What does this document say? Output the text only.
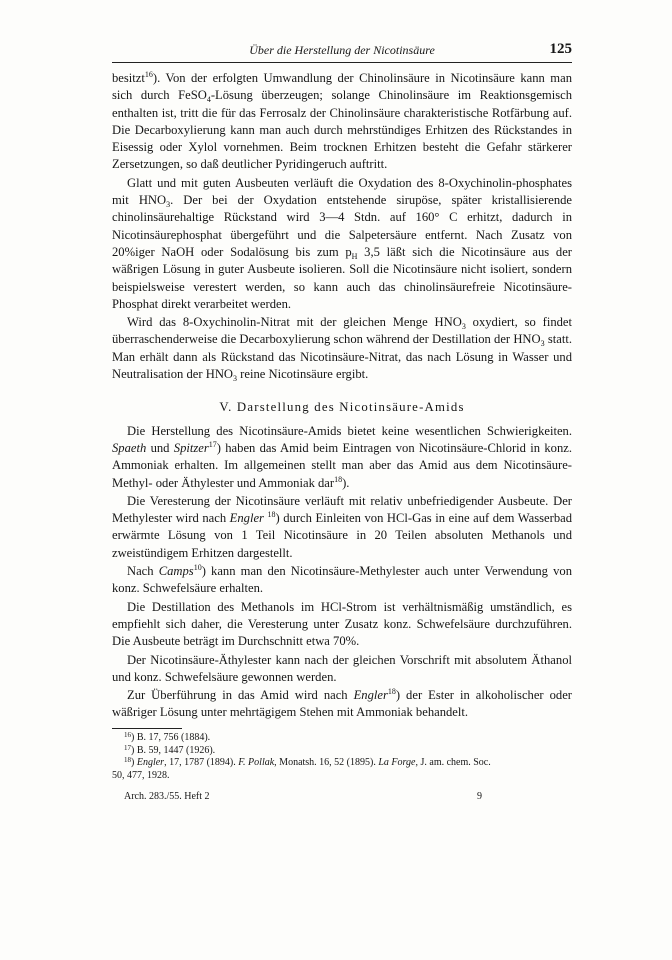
Über die Herstellung der Nicotinsäure	125

besitzt$^{16}$). Von der erfolgten Umwandlung der Chinolinsäure in Nicotinsäure kann man sich durch FeSO$_4$-Lösung überzeugen; solange Chinolinsäure im Reaktionsgemisch enthalten ist, tritt die für das Ferrosalz der Chinolinsäure charakteristische Rotfärbung auf. Die Decarboxylierung kann man auch durch mehrstündiges Erhitzen des Rückstandes in Eisessig oder Xylol vornehmen. Beim trocknen Erhitzen besteht die Gefahr stärkerer Zersetzungen, so daß deutlicher Pyridingeruch auftritt.

Glatt und mit guten Ausbeuten verläuft die Oxydation des 8-Oxychinolin-phosphates mit $HNO_3$. Der bei der Oxydation entstehende sirupöse, später kristallisierende chinolinsäurehaltige Rückstand wird 3—4 Stdn. auf 160° C erhitzt, dadurch in Nicotinsäurephosphat übergeführt und die Salpetersäure entfernt. Nach Zusatz von 20%iger NaOH oder Sodalösung bis zum $p_H$ 3,5 läßt sich die Nicotinsäure aus der wäßrigen Lösung in guter Ausbeute isolieren. Soll die Nicotinsäure nicht isoliert, sondern beispielsweise verestert werden, so kann auch das chinolinsäurefreie Nicotinsäure-Phosphat direkt verarbeitet werden.

Wird das 8-Oxychinolin-Nitrat mit der gleichen Menge $HNO_3$ oxydiert, so findet überraschenderweise die Decarboxylierung schon während der Destillation der $HNO_3$ statt. Man erhält dann als Rückstand das Nicotinsäure-Nitrat, das nach Lösung in Wasser und Neutralisation der $HNO_3$ reine Nicotinsäure ergibt.

V. Darstellung des Nicotinsäure-Amids

Die Herstellung des Nicotinsäure-Amids bietet keine wesentlichen Schwierigkeiten. Spaeth und Spitzer$^{17}$) haben das Amid beim Eintragen von Nicotinsäure-Chlorid in konz. Ammoniak erhalten. Im allgemeinen stellt man aber das Amid aus dem Nicotinsäure-Methyl- oder Äthylester und Ammoniak dar$^{18}$).

Die Veresterung der Nicotinsäure verläuft mit relativ unbefriedigender Ausbeute. Der Methylester wird nach Engler $^{18}$) durch Einleiten von HCl-Gas in eine auf dem Wasserbad erwärmte Lösung von 1 Teil Nicotinsäure in 20 Teilen absoluten Methanols und zweistündigem Erhitzen dargestellt.

Nach Camps$^{10}$) kann man den Nicotinsäure-Methylester auch unter Verwendung von konz. Schwefelsäure erhalten.

Die Destillation des Methanols im HCl-Strom ist verhältnismäßig umständlich, es empfiehlt sich daher, die Veresterung unter Zusatz konz. Schwefelsäure durchzuführen. Die Ausbeute beträgt im Durchschnitt etwa 70%.

Der Nicotinsäure-Äthylester kann nach der gleichen Vorschrift mit absolutem Äthanol und konz. Schwefelsäure gewonnen werden.

Zur Überführung in das Amid wird nach Engler$^{18}$) der Ester in alkoholischer oder wäßriger Lösung unter mehrtägigem Stehen mit Ammoniak behandelt.

$^{16}$) B. 17, 756 (1884).

$^{17}$) B. 59, 1447 (1926).

$^{18}$) Engler, 17, 1787 (1894). F. Pollak, Monatsh. 16, 52 (1895). La Forge, J. am. chem. Soc.

50, 477, 1928.

Arch. 283./55. Heft 2	9
